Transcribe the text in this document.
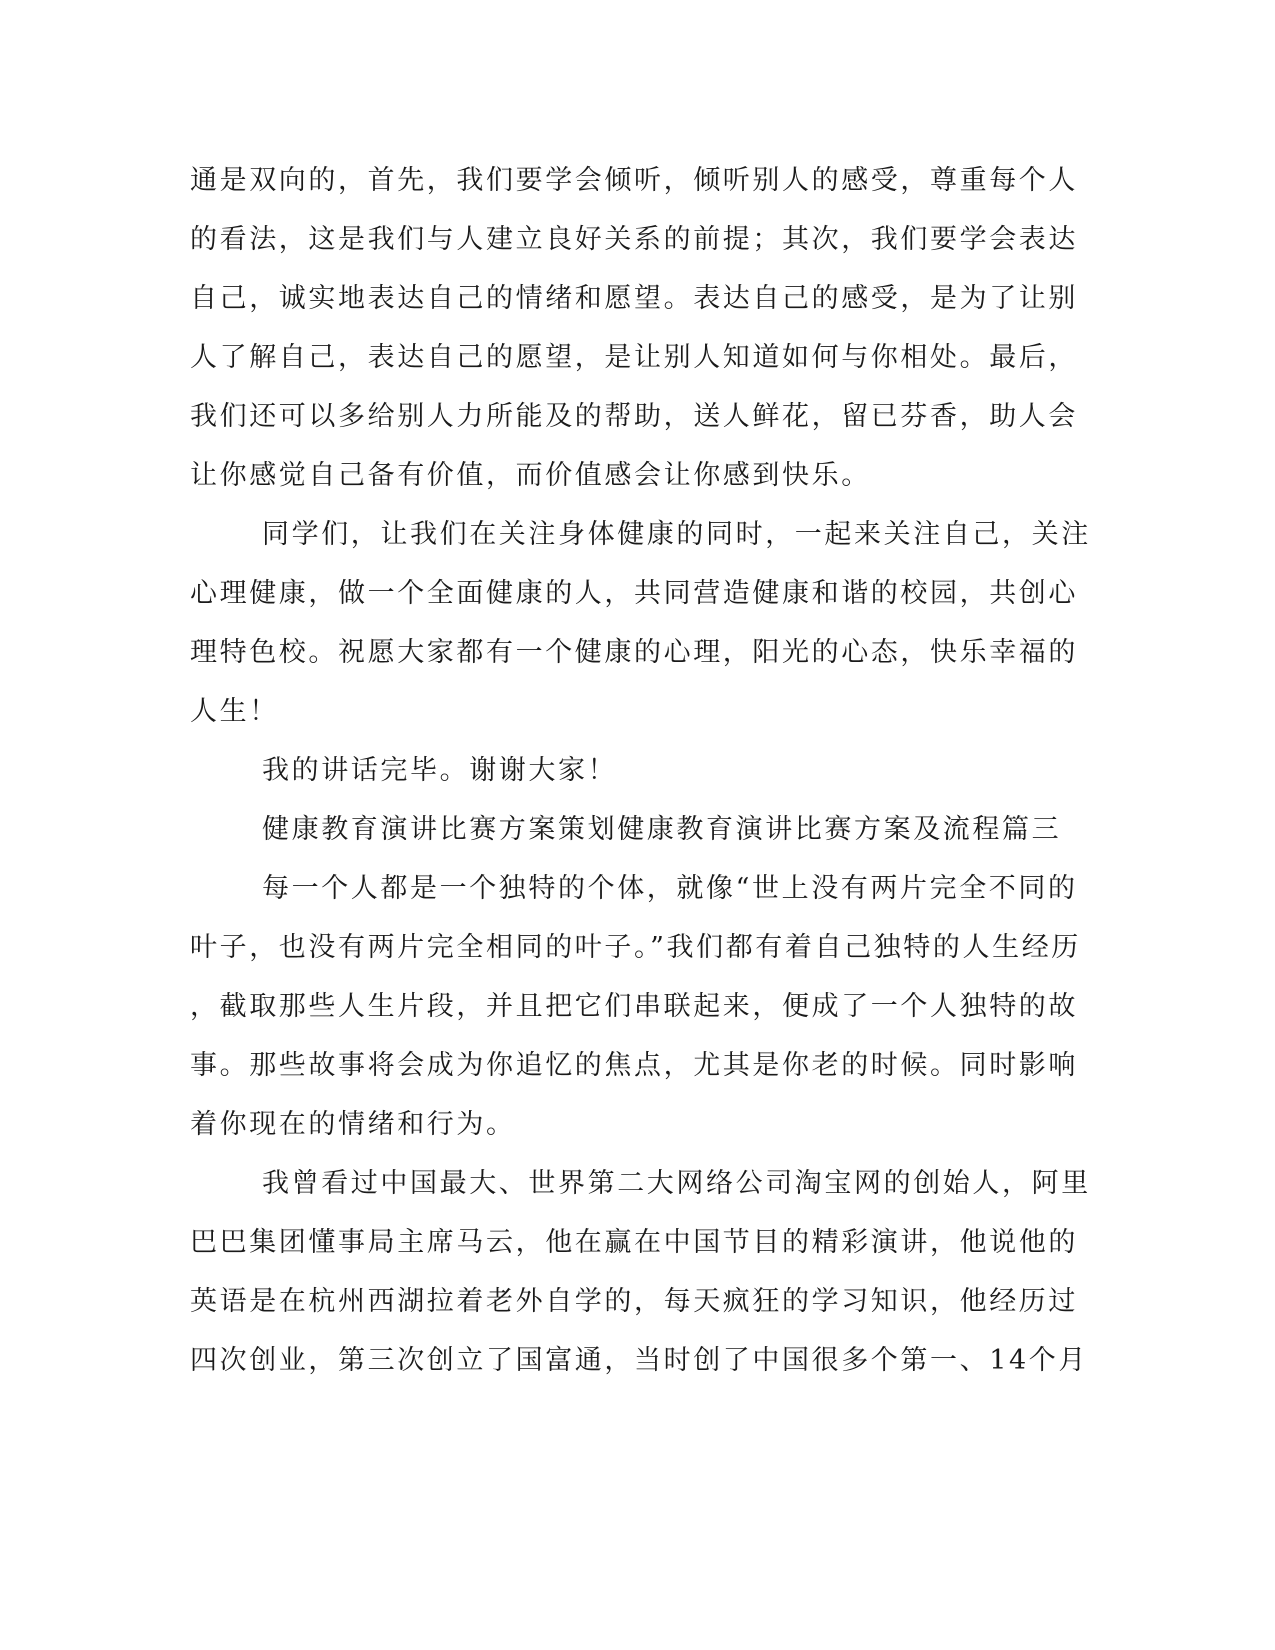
通是双向的，首先，我们要学会倾听，倾听别人的感受，尊重每个人
的看法，这是我们与人建立良好关系的前提；其次，我们要学会表达
自己，诚实地表达自己的情绪和愿望。表达自己的感受，是为了让别
人了解自己，表达自己的愿望，是让别人知道如何与你相处。最后，
我们还可以多给别人力所能及的帮助，送人鲜花，留已芬香，助人会
让你感觉自己备有价值，而价值感会让你感到快乐。
同学们，让我们在关注身体健康的同时，一起来关注自己，关注
心理健康，做一个全面健康的人，共同营造健康和谐的校园，共创心
理特色校。祝愿大家都有一个健康的心理，阳光的心态，快乐幸福的
人生！
我的讲话完毕。谢谢大家！
健康教育演讲比赛方案策划健康教育演讲比赛方案及流程篇三
每一个人都是一个独特的个体，就像“世上没有两片完全不同的
叶子，也没有两片完全相同的叶子。”我们都有着自己独特的人生经历
，截取那些人生片段，并且把它们串联起来，便成了一个人独特的故
事。那些故事将会成为你追忆的焦点，尤其是你老的时候。同时影响
着你现在的情绪和行为。
我曾看过中国最大、世界第二大网络公司淘宝网的创始人，阿里
巴巴集团懂事局主席马云，他在赢在中国节目的精彩演讲，他说他的
英语是在杭州西湖拉着老外自学的，每天疯狂的学习知识，他经历过
四次创业，第三次创立了国富通，当时创了中国很多个第一、14个月
